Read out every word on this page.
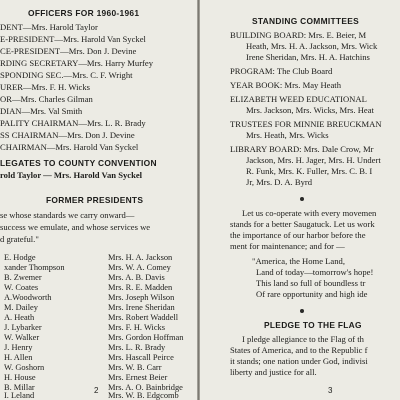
OFFICERS FOR 1960-1961
DENT—Mrs. Harold Taylor
E-PRESIDENT—Mrs. Harold Van Syckel
CE-PRESIDENT—Mrs. Don J. Devine
RDING SECRETARY—Mrs. Harry Murfey
SPONDING SEC.—Mrs. C. F. Wright
URER—Mrs. F. H. Wicks
OR—Mrs. Charles Gilman
DIAN—Mrs. Val Smith
PALITY CHAIRMAN—Mrs. L. R. Brady
SS CHAIRMAN—Mrs. Don J. Devine
CHAIRMAN—Mrs. Harold Van Syckel
LEGATES TO COUNTY CONVENTION
rold Taylor — Mrs. Harold Van Syckel
FORMER PRESIDENTS
se whose standards we carry onward—
success we emulate, and whose services we
d grateful."
E. Hodge
xander Thompson
B. Zwemer
W. Coates
A.Woodworth
M. Dailey
A. Heath
J. Lybarker
W. Walker
J. Henry
H. Allen
W. Goshorn
H. House
B. Millar
I. Leland
Mrs. H. A. Jackson
Mrs. W. A. Comey
Mrs. A. B. Davis
Mrs. R. E. Madden
Mrs. Joseph Wilson
Mrs. Irene Sheridan
Mrs. Robert Waddell
Mrs. F. H. Wicks
Mrs. Gordon Hoffman
Mrs. L. R. Brady
Mrs. Hascall Peirce
Mrs. W. B. Carr
Mrs. Ernest Beier
Mrs. A. O. Bainbridge
Mrs. W. B. Edgcomb
2
STANDING COMMITTEES
BUILDING BOARD: Mrs. E. Beier, M
Heath, Mrs. H. A. Jackson, Mrs. Wick
Irene Sheridan, Mrs. H. A. Hatchins
PROGRAM: The Club Board
YEAR BOOK: Mrs. May Heath
ELIZABETH WEED EDUCATIONAL
Mrs. Jackson, Mrs. Wicks, Mrs. Heat
TRUSTEES FOR MINNIE BREUCKMAN
Mrs. Heath, Mrs. Wicks
LIBRARY BOARD: Mrs. Dale Crow, Mr
Jackson, Mrs. H. Jager, Mrs. H. Undert
R. Funk, Mrs. K. Fuller, Mrs. C. B. I
Jr, Mrs. D. A. Byrd
Let us co-operate with every movemen
stands for a better Saugatuck. Let us work
the importance of our harbor before the
ment for maintenance; and for —
"America, the Home Land,
Land of today—tomorrow's hope!
This land so full of boundless tr
Of rare opportunity and high ide
PLEDGE TO THE FLAG
I pledge allegiance to the Flag of th
States of America, and to the Republic f
it stands; one nation under God, indivisi
liberty and justice for all.
3
